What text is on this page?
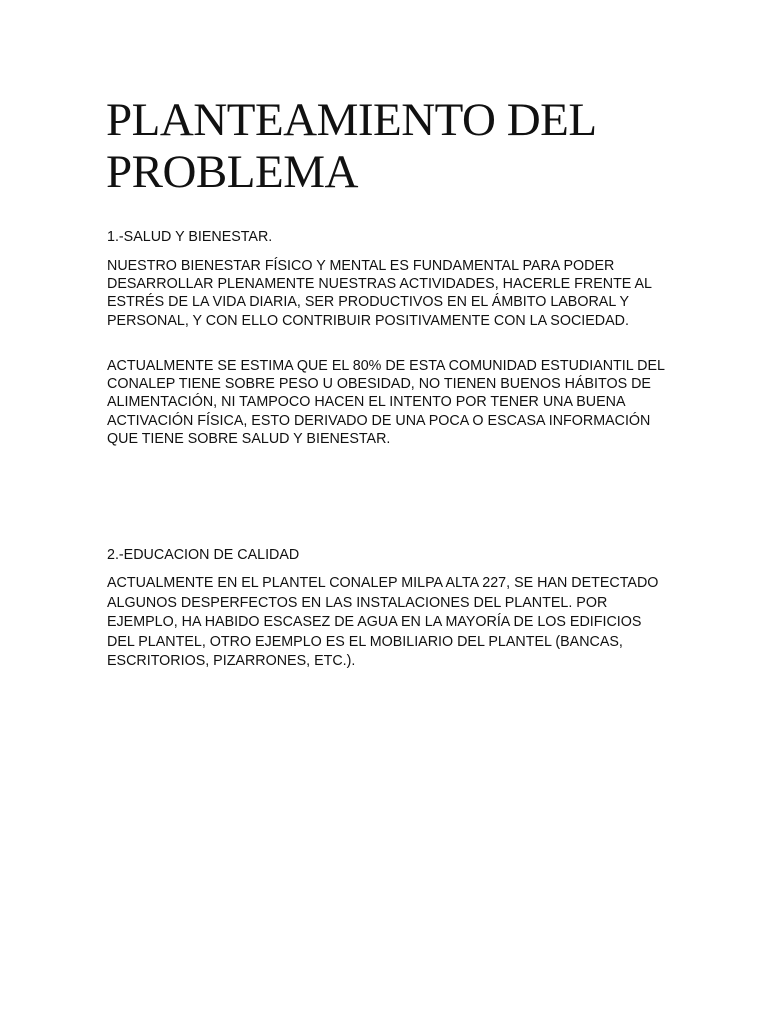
PLANTEAMIENTO DEL PROBLEMA

1.-SALUD Y BIENESTAR.

NUESTRO BIENESTAR FÍSICO Y MENTAL ES FUNDAMENTAL PARA PODER DESARROLLAR PLENAMENTE NUESTRAS ACTIVIDADES, HACERLE FRENTE AL ESTRÉS DE LA VIDA DIARIA, SER PRODUCTIVOS EN EL ÁMBITO LABORAL Y PERSONAL, Y CON ELLO CONTRIBUIR POSITIVAMENTE CON LA SOCIEDAD.

ACTUALMENTE SE ESTIMA QUE EL 80% DE ESTA COMUNIDAD ESTUDIANTIL DEL CONALEP TIENE SOBRE PESO U OBESIDAD, NO TIENEN BUENOS HÁBITOS DE ALIMENTACIÓN, NI TAMPOCO HACEN EL INTENTO POR TENER UNA BUENA ACTIVACIÓN FÍSICA, ESTO DERIVADO DE UNA POCA O ESCASA INFORMACIÓN QUE TIENE SOBRE SALUD Y BIENESTAR.

2.-EDUCACION DE CALIDAD

ACTUALMENTE EN EL PLANTEL CONALEP MILPA ALTA 227, SE HAN DETECTADO ALGUNOS DESPERFECTOS EN LAS INSTALACIONES DEL PLANTEL. POR EJEMPLO, HA HABIDO ESCASEZ DE AGUA EN LA MAYORÍA DE LOS EDIFICIOS DEL PLANTEL, OTRO EJEMPLO ES EL MOBILIARIO DEL PLANTEL (BANCAS, ESCRITORIOS, PIZARRONES, ETC.).
